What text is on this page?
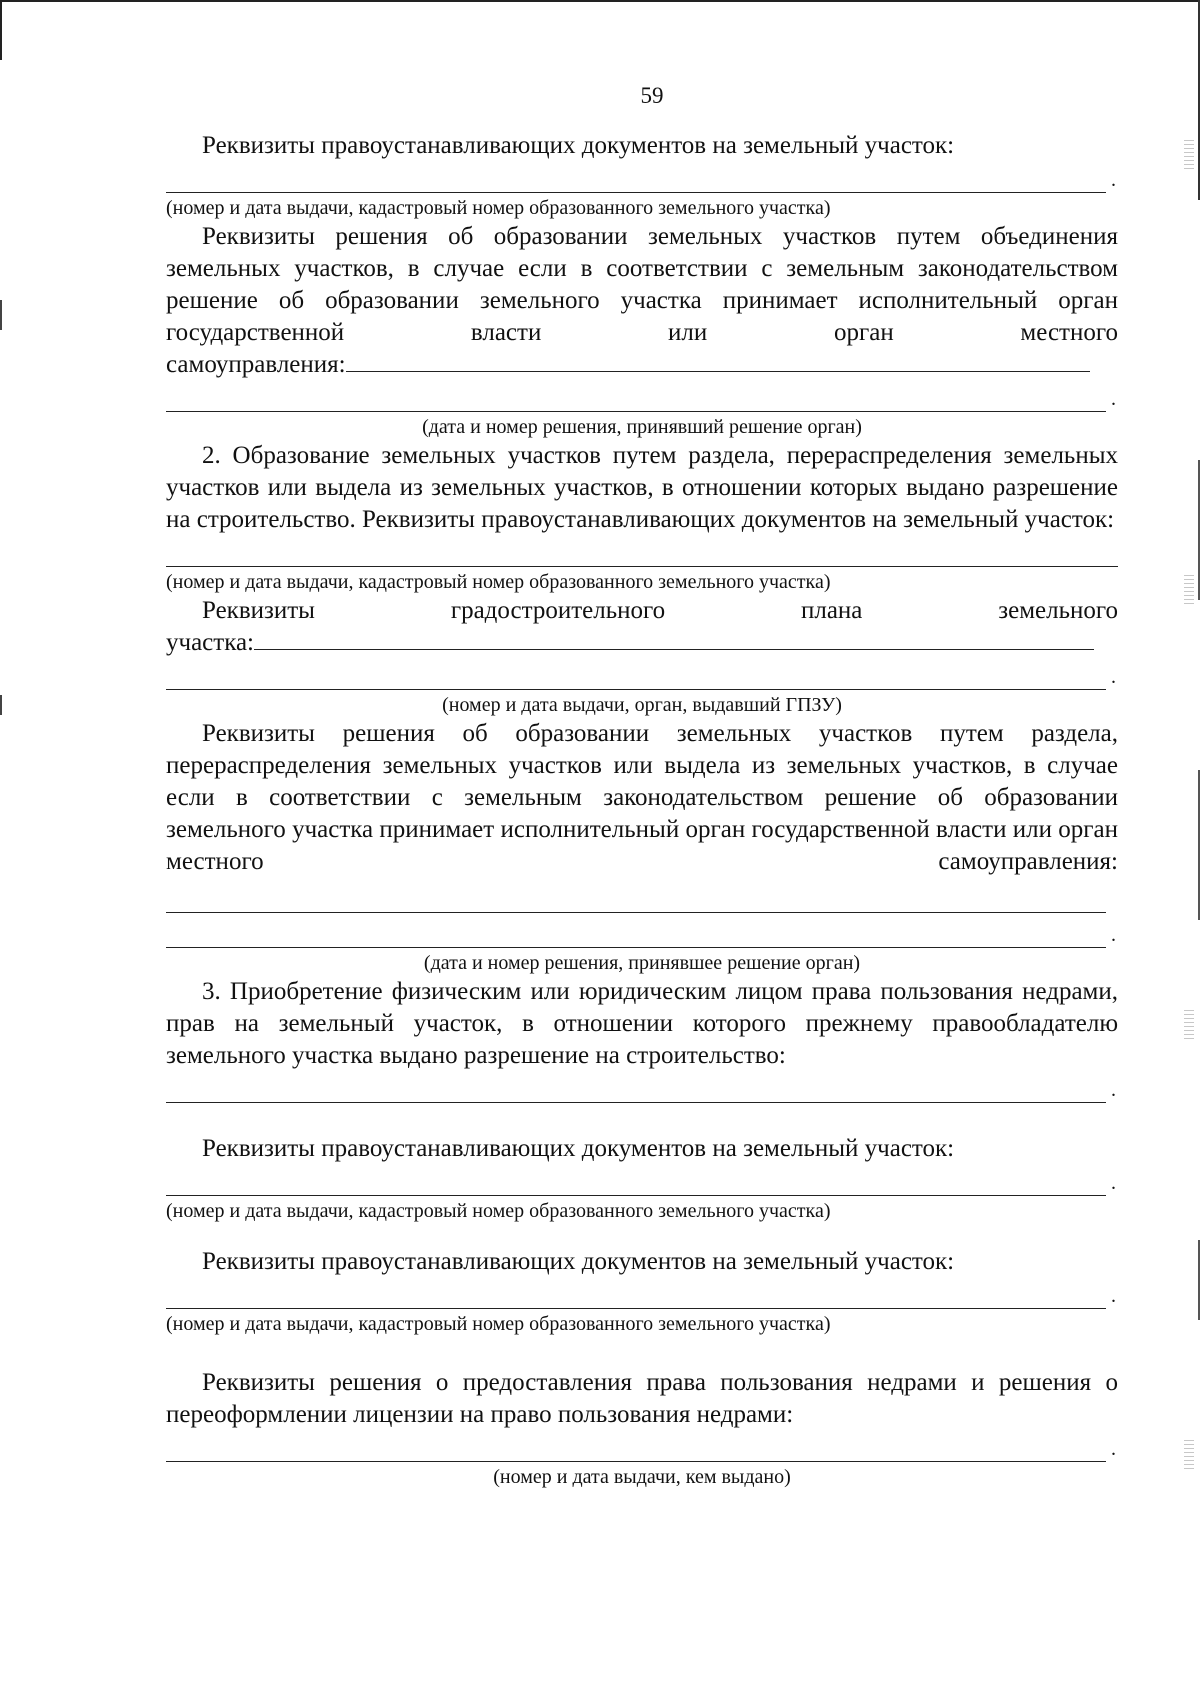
59

Реквизиты правоустанавливающих документов на земельный участок:

.

(номер и дата выдачи, кадастровый номер образованного земельного участка)

Реквизиты решения об образовании земельных участков путем объединения земельных участков, в случае если в соответствии с земельным законодательством решение об образовании земельного участка принимает исполнительный орган государственной власти или орган местного

самоуправления:

.

(дата и номер решения, принявший решение орган)

2. Образование земельных участков путем раздела, перераспределения земельных участков или выдела из земельных участков, в отношении которых выдано разрешение на строительство. Реквизиты правоустанавливающих документов на земельный участок:

(номер и дата выдачи, кадастровый номер образованного земельного участка)

Реквизиты градостроительного плана земельного

участка:

.

(номер и дата выдачи, орган, выдавший ГПЗУ)

Реквизиты решения об образовании земельных участков путем раздела, перераспределения земельных участков или выдела из земельных участков, в случае если в соответствии с земельным законодательством решение об образовании земельного участка принимает исполнительный орган государственной власти или орган местного самоуправления:

.

(дата и номер решения, принявшее решение орган)

3. Приобретение физическим или юридическим лицом права пользования недрами, прав на земельный участок, в отношении которого прежнему правообладателю земельного участка выдано разрешение на строительство:

.

Реквизиты правоустанавливающих документов на земельный участок:

.

(номер и дата выдачи, кадастровый номер образованного земельного участка)

Реквизиты правоустанавливающих документов на земельный участок:

.

(номер и дата выдачи, кадастровый номер образованного земельного участка)

Реквизиты решения о предоставления права пользования недрами и решения о переоформлении лицензии на право пользования недрами:

.

(номер и дата выдачи, кем выдано)
